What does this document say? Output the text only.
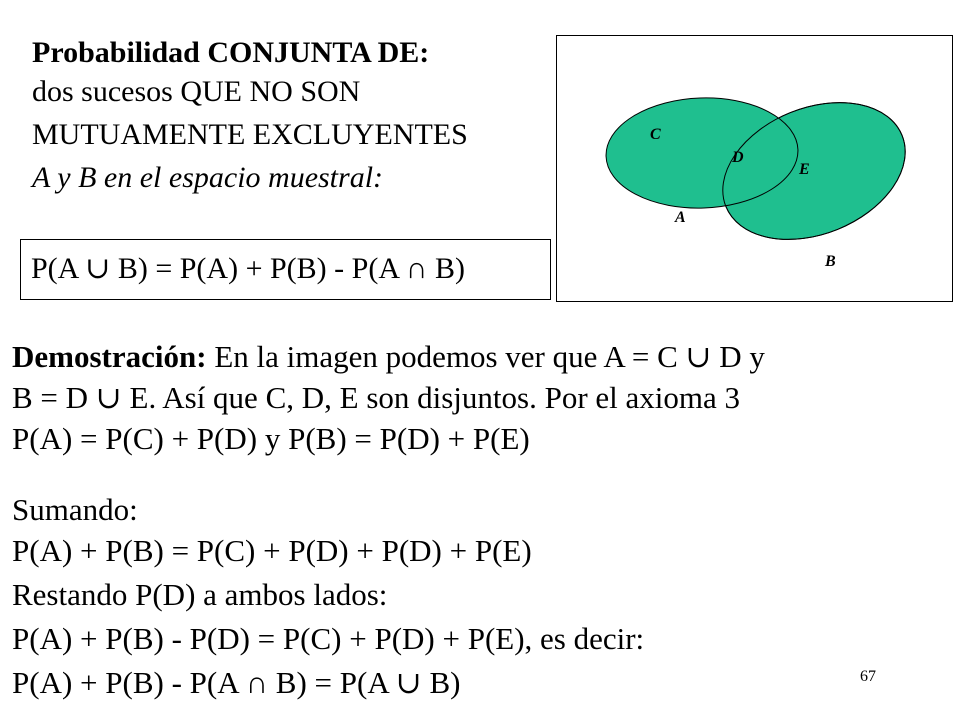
Probabilidad CONJUNTA DE:
dos sucesos QUE NO SON
MUTUAMENTE EXCLUYENTES
A y B en el espacio muestral:
P(A ∪ B) = P(A) + P(B) - P(A ∩ B)
C
D
E
A
B
Demostración: En la imagen podemos ver que A = C ∪ D y
B = D ∪ E. Así que C, D, E son disjuntos. Por el axioma 3
P(A) = P(C) + P(D) y P(B) = P(D) + P(E)
Sumando:
P(A) + P(B) = P(C) + P(D) + P(D) + P(E)
Restando P(D) a ambos lados:
P(A) + P(B) - P(D) = P(C) + P(D) + P(E), es decir:
P(A) + P(B) - P(A ∩ B) = P(A ∪ B)	67
